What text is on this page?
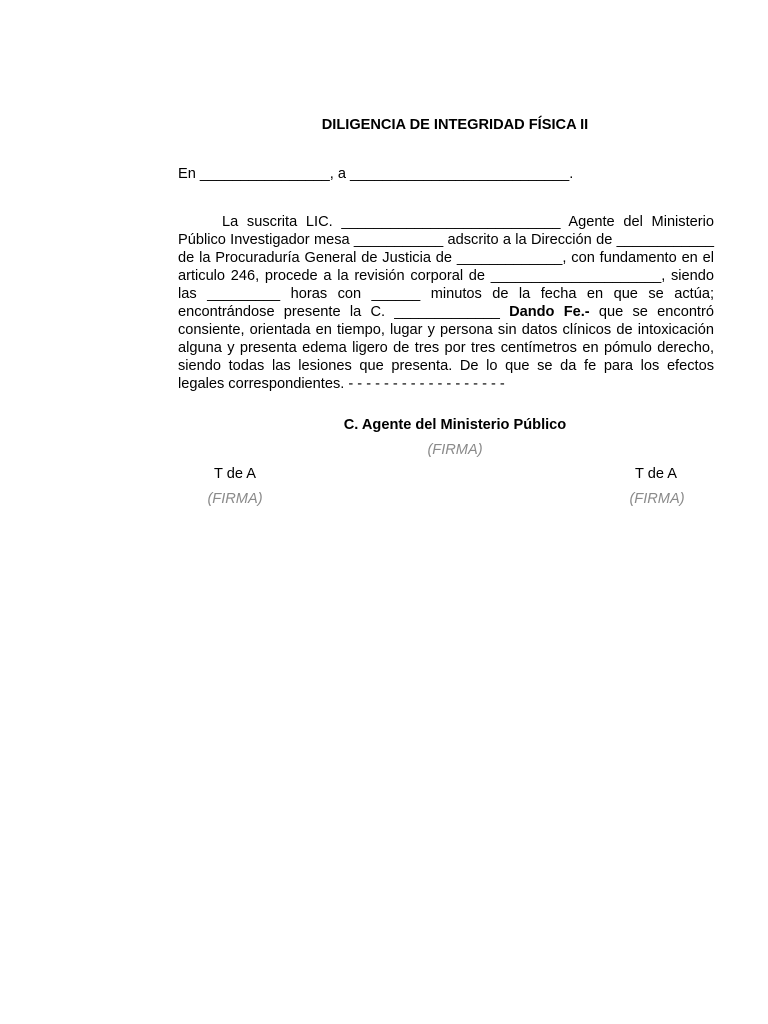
DILIGENCIA DE INTEGRIDAD FÍSICA II
En ________________, a ___________________________.
La suscrita LIC. ___________________________ Agente del Ministerio Público Investigador mesa ___________ adscrito a la Dirección de ____________ de la Procuraduría General de Justicia de _____________, con fundamento en el articulo 246, procede a la revisión corporal de _____________________, siendo las _________ horas con ______ minutos de la fecha en que se actúa; encontrándose presente la C. _____________ Dando Fe.- que se encontró consiente, orientada en tiempo, lugar y persona sin datos clínicos de intoxicación alguna y presenta edema ligero de tres por tres centímetros en pómulo derecho, siendo todas las lesiones que presenta. De lo que se da fe para los efectos legales correspondientes. - - - - - - - - - - - - - - - - - -
C. Agente del Ministerio Público
(FIRMA)
T de A	T de A
(FIRMA)	(FIRMA)
